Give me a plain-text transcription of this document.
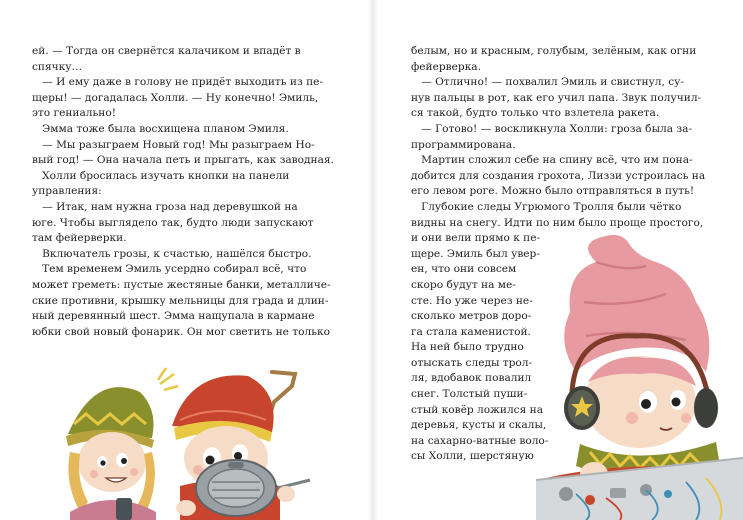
ей. — Тогда он свернётся калачиком и впадёт в
спячку…
— И ему даже в голову не придёт выходить из пе-
щеры! — догадалась Холли. — Ну конечно! Эмиль,
это гениально!
Эмма тоже была восхищена планом Эмиля.
— Мы разыграем Новый год! Мы разыграем Но-
вый год! — Она начала петь и прыгать, как заводная.
Холли бросилась изучать кнопки на панели
управления:
— Итак, нам нужна гроза над деревушкой на
юге. Чтобы выглядело так, будто люди запускают
там фейерверки.
Включатель грозы, к счастью, нашёлся быстро.
Тем временем Эмиль усердно собирал всё, что
может греметь: пустые жестяные банки, металличе-
ские противни, крышку мельницы для града и длин-
ный деревянный шест. Эмма нащупала в кармане
юбки свой новый фонарик. Он мог светить не только
белым, но и красным, голубым, зелёным, как огни
фейерверка.
— Отлично! — похвалил Эмиль и свистнул, су-
нув пальцы в рот, как его учил папа. Звук получил-
ся такой, будто только что взлетела ракета.
— Готово! — воскликнула Холли: гроза была за-
программирована.
Мартин сложил себе на спину всё, что им пона-
добится для создания грохота, Лиззи устроилась на
его левом роге. Можно было отправляться в путь!
Глубокие следы Угрюмого Тролля были чётко
видны на снегу. Идти по ним было проще простого,
и они вели прямо к пе-
щере. Эмиль был увер-
ен, что они совсем
скоро будут на ме-
сте. Но уже через не-
сколько метров доро-
га стала каменистой.
На ней было трудно
отыскать следы трол-
ля, вдобавок повалил
снег. Толстый пуши-
стый ковёр ложился на
деревья, кусты и скалы,
на сахарно-ватные воло-
сы Холли, шерстяную
